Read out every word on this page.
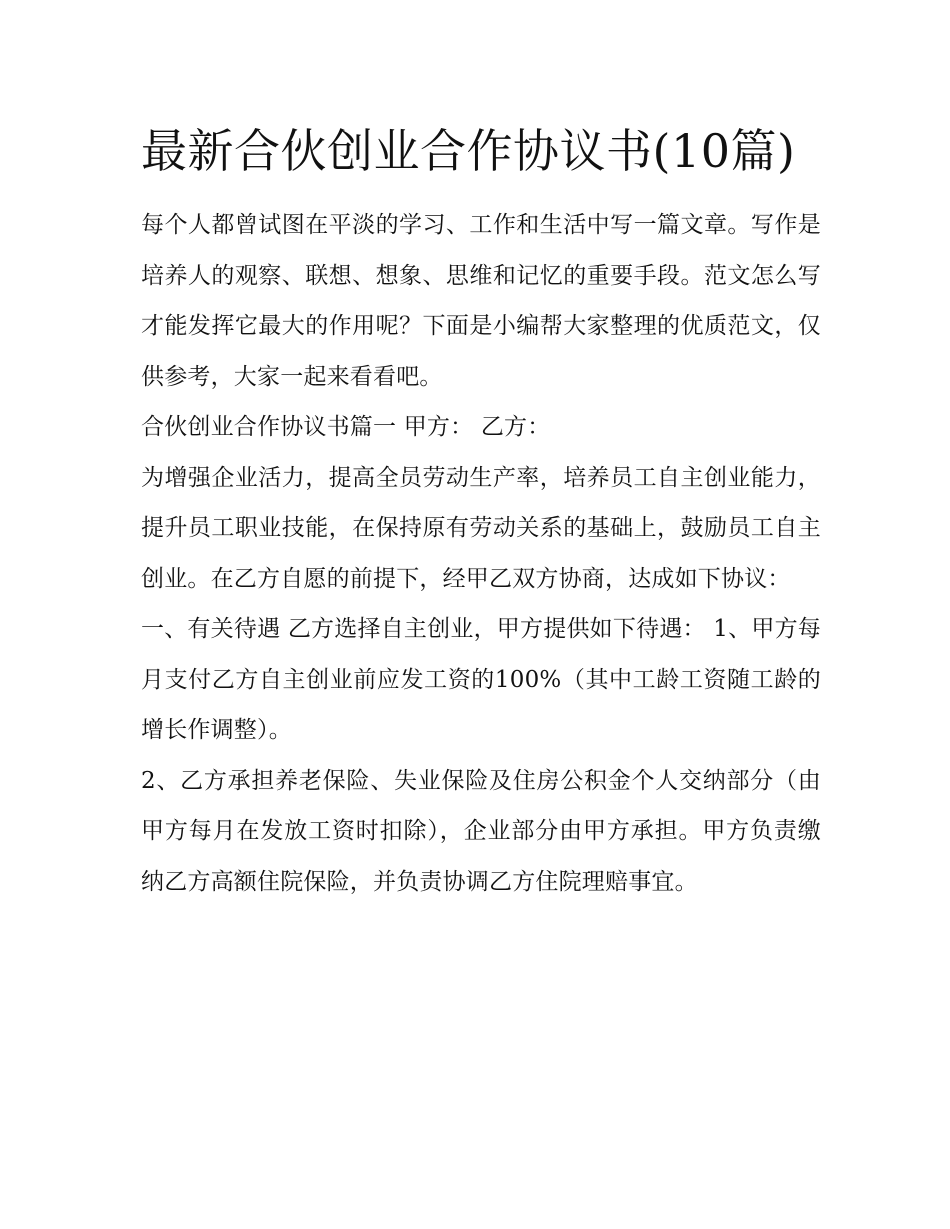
最新合伙创业合作协议书(10篇)

每个人都曾试图在平淡的学习、工作和生活中写一篇文章。写作是培养人的观察、联想、想象、思维和记忆的重要手段。范文怎么写才能发挥它最大的作用呢？下面是小编帮大家整理的优质范文，仅供参考，大家一起来看看吧。

合伙创业合作协议书篇一 甲方： 乙方：

为增强企业活力，提高全员劳动生产率，培养员工自主创业能力，提升员工职业技能，在保持原有劳动关系的基础上，鼓励员工自主创业。在乙方自愿的前提下，经甲乙双方协商，达成如下协议：

一、有关待遇 乙方选择自主创业，甲方提供如下待遇： 1、甲方每月支付乙方自主创业前应发工资的100%（其中工龄工资随工龄的增长作调整）。

2、乙方承担养老保险、失业保险及住房公积金个人交纳部分（由甲方每月在发放工资时扣除），企业部分由甲方承担。甲方负责缴纳乙方高额住院保险，并负责协调乙方住院理赔事宜。
